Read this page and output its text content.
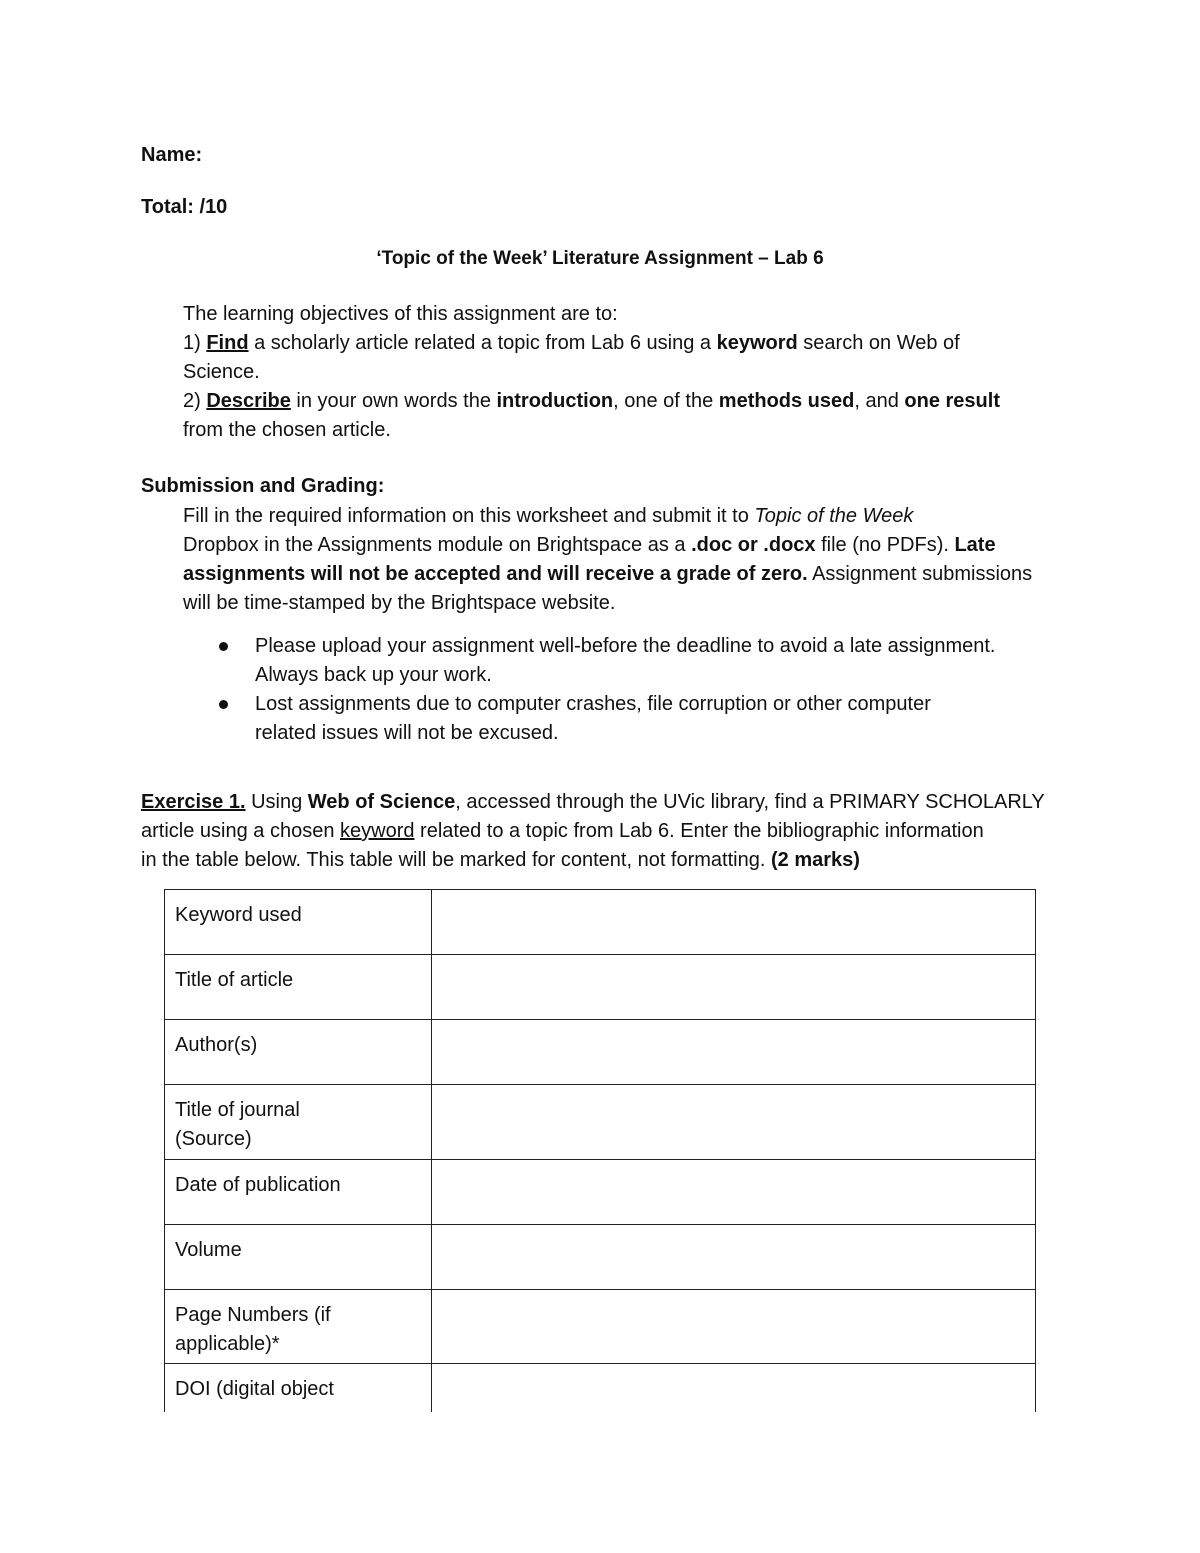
Name:

Total: /10

‘Topic of the Week’ Literature Assignment – Lab 6

The learning objectives of this assignment are to:
1) Find a scholarly article related a topic from Lab 6 using a keyword search on Web of
Science.
2) Describe in your own words the introduction, one of the methods used, and one result
from the chosen article.

Submission and Grading:

Fill in the required information on this worksheet and submit it to Topic of the Week
Dropbox in the Assignments module on Brightspace as a .doc or .docx file (no PDFs). Late
assignments will not be accepted and will receive a grade of zero. Assignment submissions
will be time-stamped by the Brightspace website.
Please upload your assignment well-before the deadline to avoid a late assignment.
Always back up your work.
Lost assignments due to computer crashes, file corruption or other computer
related issues will not be excused.
Exercise 1. Using Web of Science, accessed through the UVic library, find a PRIMARY SCHOLARLY
article using a chosen keyword related to a topic from Lab 6. Enter the bibliographic information
in the table below. This table will be marked for content, not formatting. (2 marks)
Keyword used	
Title of article	
Author(s)	
Title of journal (Source)	
Date of publication	
Volume	
Page Numbers (if applicable)*	
DOI (digital object	
